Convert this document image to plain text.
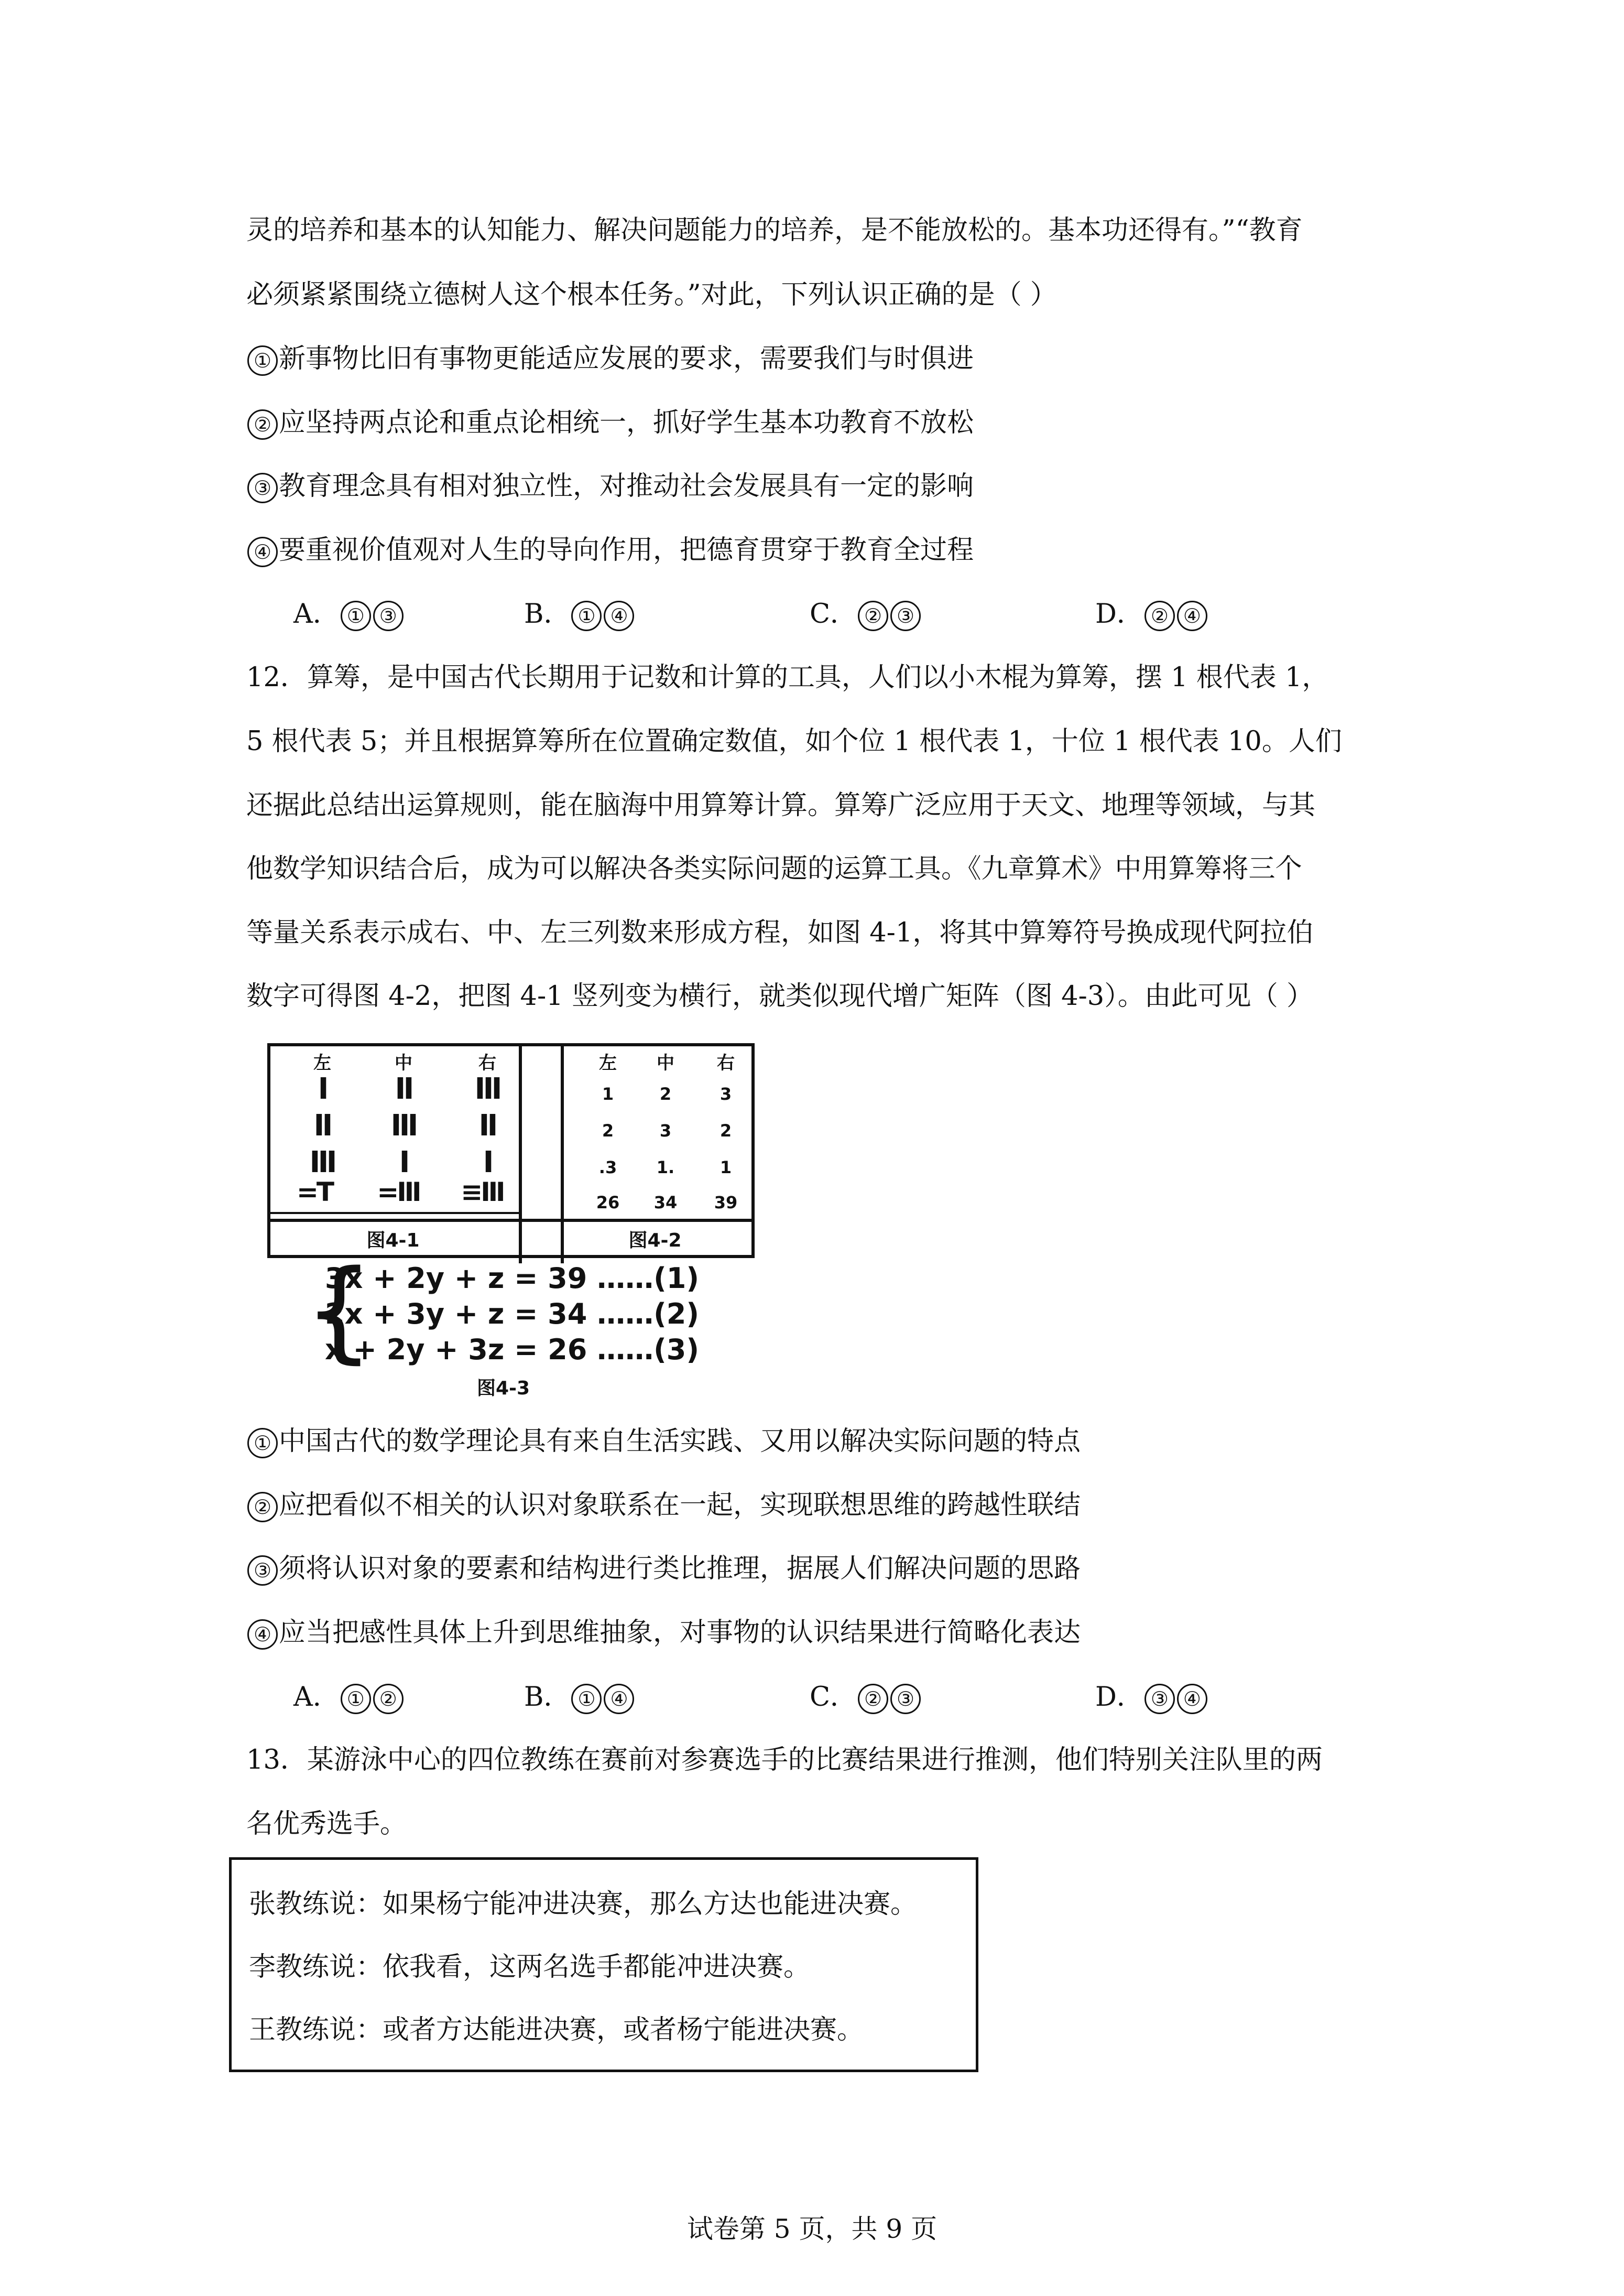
灵的培养和基本的认知能力、解决问题能力的培养，是不能放松的。基本功还得有。”“教育
必须紧紧围绕立德树人这个根本任务。”对此，下列认识正确的是（ ）
① 新事物比旧有事物更能适应发展的要求，需要我们与时俱进
② 应坚持两点论和重点论相统一，抓好学生基本功教育不放松
③ 教育理念具有相对独立性，对推动社会发展具有一定的影响
④ 要重视价值观对人生的导向作用，把德育贯穿于教育全过程
A． ① ③	B． ① ④	C． ② ③	D． ② ④
12．算筹，是中国古代长期用于记数和计算的工具，人们以小木棍为算筹，摆 1 根代表 1，
5 根代表 5；并且根据算筹所在位置确定数值，如个位 1 根代表 1，十位 1 根代表 10。人们
还据此总结出运算规则，能在脑海中用算筹计算。算筹广泛应用于天文、地理等领域，与其
他数学知识结合后，成为可以解决各类实际问题的运算工具。《九章算术》中用算筹将三个
等量关系表示成右、中、左三列数来形成方程，如图 4-1，将其中算筹符号换成现代阿拉伯
数字可得图 4-2，把图 4-1 竖列变为横行，就类似现代增广矩阵（图 4-3）。由此可见（ ）
左	中	右
Ⅰ	Ⅱ	Ⅲ
Ⅱ	Ⅲ	Ⅱ
Ⅲ	Ⅰ	Ⅰ
=T	=Ⅲ	≡Ⅲ
左	中	右
1	2	3
2	3	2
.3	1.	1
26	34	39
图4-1	图4-2
{
3x + 2y + z = 39 ……(1)
2x + 3y + z = 34 ……(2)
x + 2y + 3z = 26 ……(3)
图4-3
① 中国古代的数学理论具有来自生活实践、又用以解决实际问题的特点
② 应把看似不相关的认识对象联系在一起，实现联想思维的跨越性联结
③ 须将认识对象的要素和结构进行类比推理，据展人们解决问题的思路
④ 应当把感性具体上升到思维抽象，对事物的认识结果进行简略化表达
A． ① ②	B． ① ④	C． ② ③	D． ③ ④
13．某游泳中心的四位教练在赛前对参赛选手的比赛结果进行推测，他们特别关注队里的两
名优秀选手。
张教练说：如果杨宁能冲进决赛，那么方达也能进决赛。
李教练说：依我看，这两名选手都能冲进决赛。
王教练说：或者方达能进决赛，或者杨宁能进决赛。
试卷第 5 页，共 9 页
